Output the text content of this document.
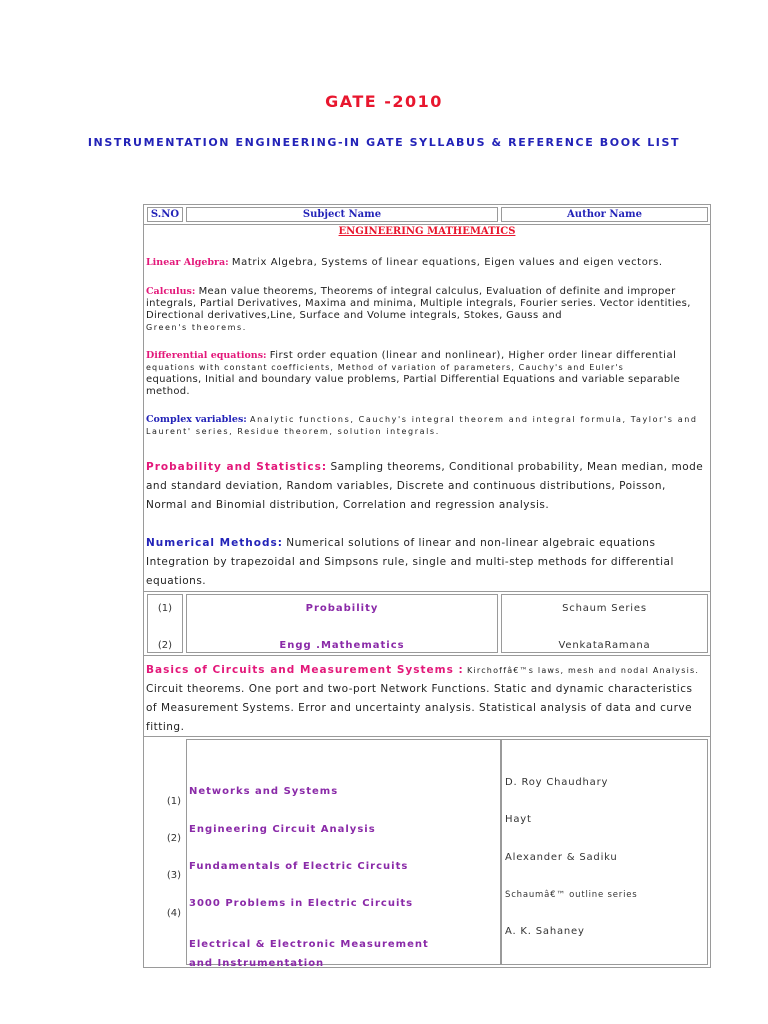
GATE -2010
INSTRUMENTATION ENGINEERING-IN GATE SYLLABUS & REFERENCE BOOK LIST
S.NO	Subject Name	Author Name
ENGINEERING MATHEMATICS

Linear Algebra: Matrix Algebra, Systems of linear equations, Eigen values and eigen vectors.

Calculus: Mean value theorems, Theorems of integral calculus, Evaluation of definite and improper integrals, Partial Derivatives, Maxima and minima, Multiple integrals, Fourier series. Vector identities, Directional derivatives,Line, Surface and Volume integrals, Stokes, Gauss and
Green's theorems.

Differential equations: First order equation (linear and nonlinear), Higher order linear differential
equations with constant coefficients, Method of variation of parameters, Cauchy's and Euler's
equations, Initial and boundary value problems, Partial Differential Equations and variable separable method.

Complex variables: Analytic functions, Cauchy's integral theorem and integral formula, Taylor's and Laurent' series, Residue theorem, solution integrals.

Probability and Statistics: Sampling theorems, Conditional probability, Mean median, mode and standard deviation, Random variables, Discrete and continuous distributions, Poisson, Normal and Binomial distribution, Correlation and regression analysis.

Numerical Methods: Numerical solutions of linear and non-linear algebraic equations Integration by trapezoidal and Simpsons rule, single and multi-step methods for differential equations.

(1)
(2)
Probability
Engg .Mathematics
Schaum Series
VenkataRamana

Basics of Circuits and Measurement Systems : Kirchoffâ€™s laws, mesh and nodal Analysis.
Circuit theorems. One port and two-port Network Functions. Static and dynamic characteristics of Measurement Systems. Error and uncertainty analysis. Statistical analysis of data and curve fitting.

(1)
(2)
(3)
(4)
Networks and Systems
Engineering Circuit Analysis
Fundamentals of Electric Circuits
3000 Problems in Electric Circuits
Electrical & Electronic Measurement and Instrumentation
D. Roy Chaudhary
Hayt
Alexander & Sadiku
Schaumâ€™ outline series
A. K. Sahaney
